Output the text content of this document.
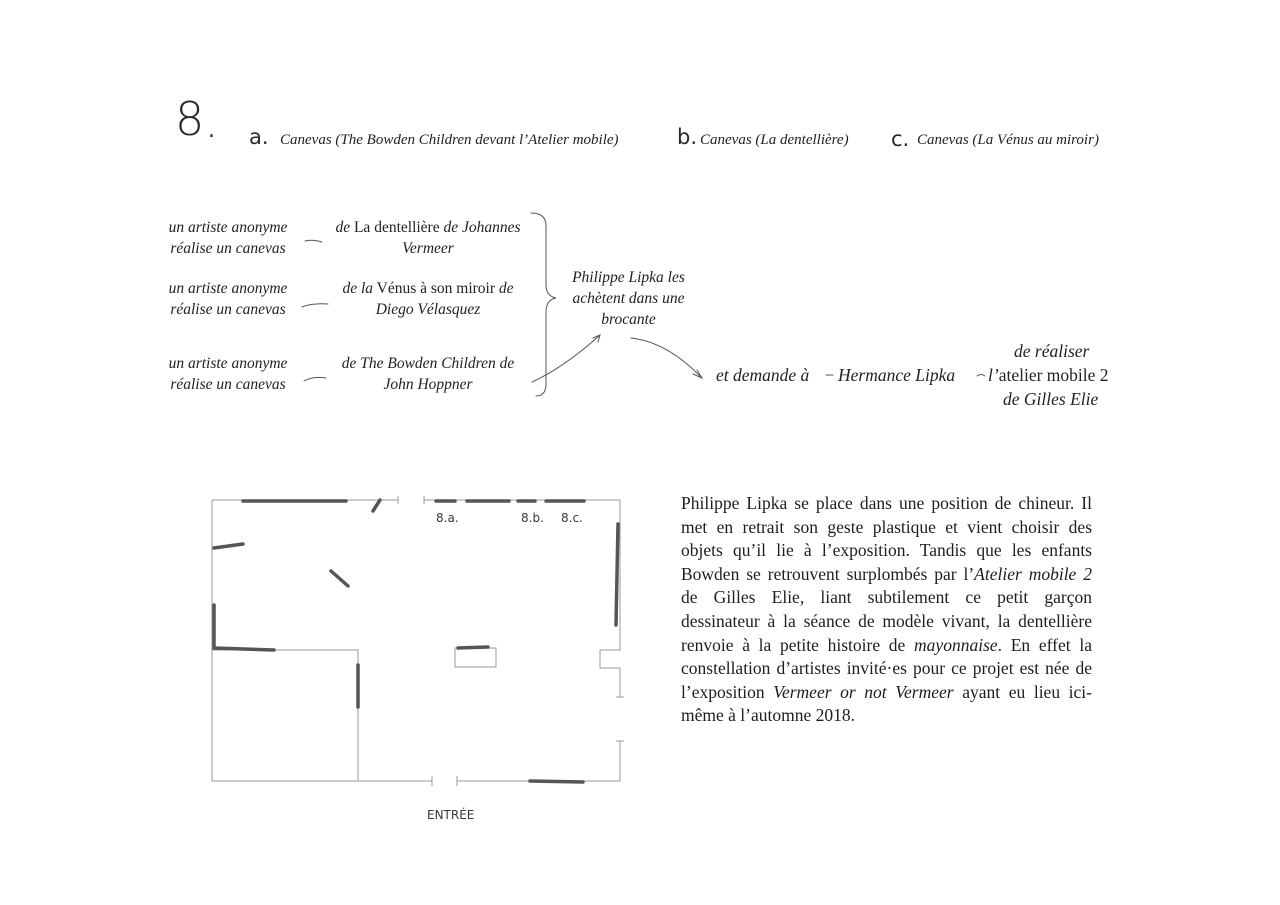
8 . a. Canevas (The Bowden Children devant l’Atelier mobile)	b. Canevas (La dentellière) c. Canevas (La Vénus au miroir)
un artiste anonyme
réalise un canevas
de La dentellière de Johannes
Vermeer
un artiste anonyme
réalise un canevas
de la Vénus à son miroir de
Diego Vélasquez
un artiste anonyme
réalise un canevas
de The Bowden Children de
John Hoppner
Philippe Lipka les
achètent dans une
brocante
et demande à Hermance Lipka
de réaliser
l’atelier mobile 2
de Gilles Elie
8.a.	8.b. 8.c.
ENTRÉE
Philippe Lipka se place dans une position de chineur. Il met en retrait son geste plastique et vient choisir des objets qu’il lie à l’exposition. Tandis que les enfants Bowden se retrouvent surplombés par l’Atelier mobile 2 de Gilles Elie, liant subtilement ce petit garçon dessinateur à la séance de modèle vivant, la dentellière renvoie à la petite histoire de mayonnaise. En effet la constellation d’artistes invité·es pour ce projet est née de l’exposition Vermeer or not Vermeer ayant eu lieu ici-même à l’automne 2018.
